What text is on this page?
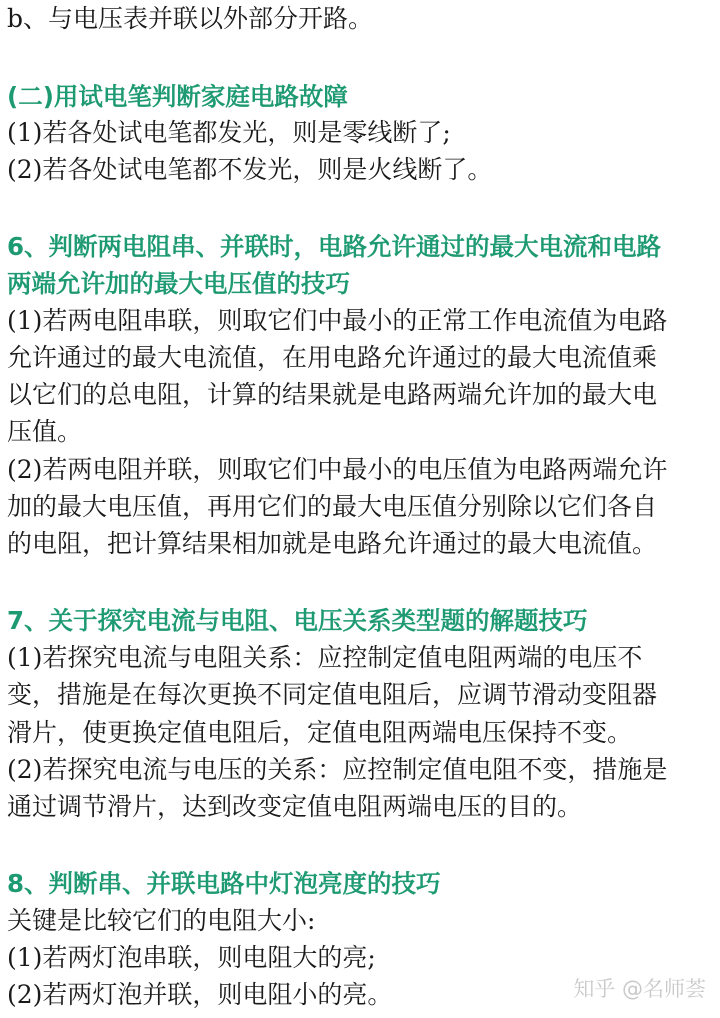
b、与电压表并联以外部分开路。
(二)用试电笔判断家庭电路故障
(1)若各处试电笔都发光，则是零线断了;
(2)若各处试电笔都不发光，则是火线断了。
6、判断两电阻串、并联时，电路允许通过的最大电流和电路
两端允许加的最大电压值的技巧
(1)若两电阻串联，则取它们中最小的正常工作电流值为电路
允许通过的最大电流值，在用电路允许通过的最大电流值乘
以它们的总电阻，计算的结果就是电路两端允许加的最大电
压值。
(2)若两电阻并联，则取它们中最小的电压值为电路两端允许
加的最大电压值，再用它们的最大电压值分别除以它们各自
的电阻，把计算结果相加就是电路允许通过的最大电流值。
7、关于探究电流与电阻、电压关系类型题的解题技巧
(1)若探究电流与电阻关系：应控制定值电阻两端的电压不
变，措施是在每次更换不同定值电阻后，应调节滑动变阻器
滑片，使更换定值电阻后，定值电阻两端电压保持不变。
(2)若探究电流与电压的关系：应控制定值电阻不变，措施是
通过调节滑片，达到改变定值电阻两端电压的目的。
8、判断串、并联电路中灯泡亮度的技巧
关键是比较它们的电阻大小:
(1)若两灯泡串联，则电阻大的亮;
(2)若两灯泡并联，则电阻小的亮。	知乎 @名师荟
